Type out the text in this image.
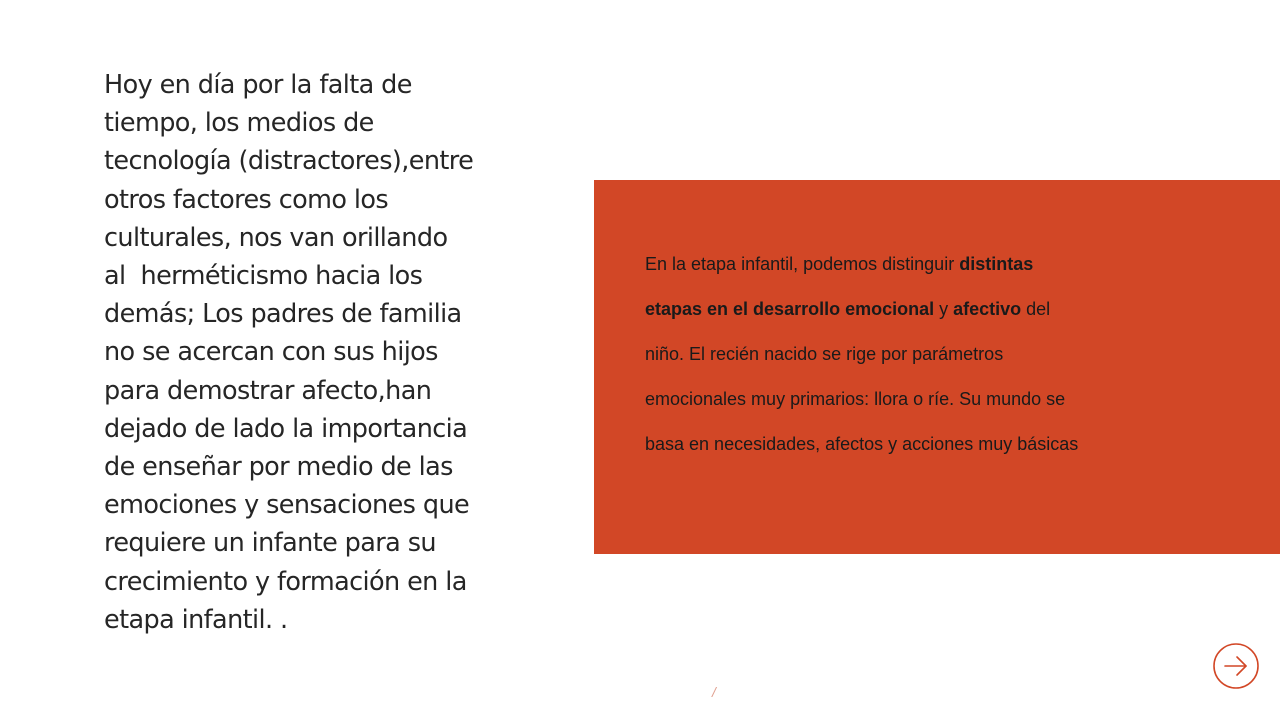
Hoy en día por la falta de
tiempo, los medios de
tecnología (distractores),entre
otros factores como los
culturales, nos van orillando
al  herméticismo hacia los
demás; Los padres de familia
no se acercan con sus hijos
para demostrar afecto,han
dejado de lado la importancia
de enseñar por medio de las
emociones y sensaciones que
requiere un infante para su
crecimiento y formación en la
etapa infantil. .
En la etapa infantil, podemos distinguir distintas
etapas en el desarrollo emocional y afectivo del
niño. El recién nacido se rige por parámetros
emocionales muy primarios: llora o ríe. Su mundo se
basa en necesidades, afectos y acciones muy básicas
/
